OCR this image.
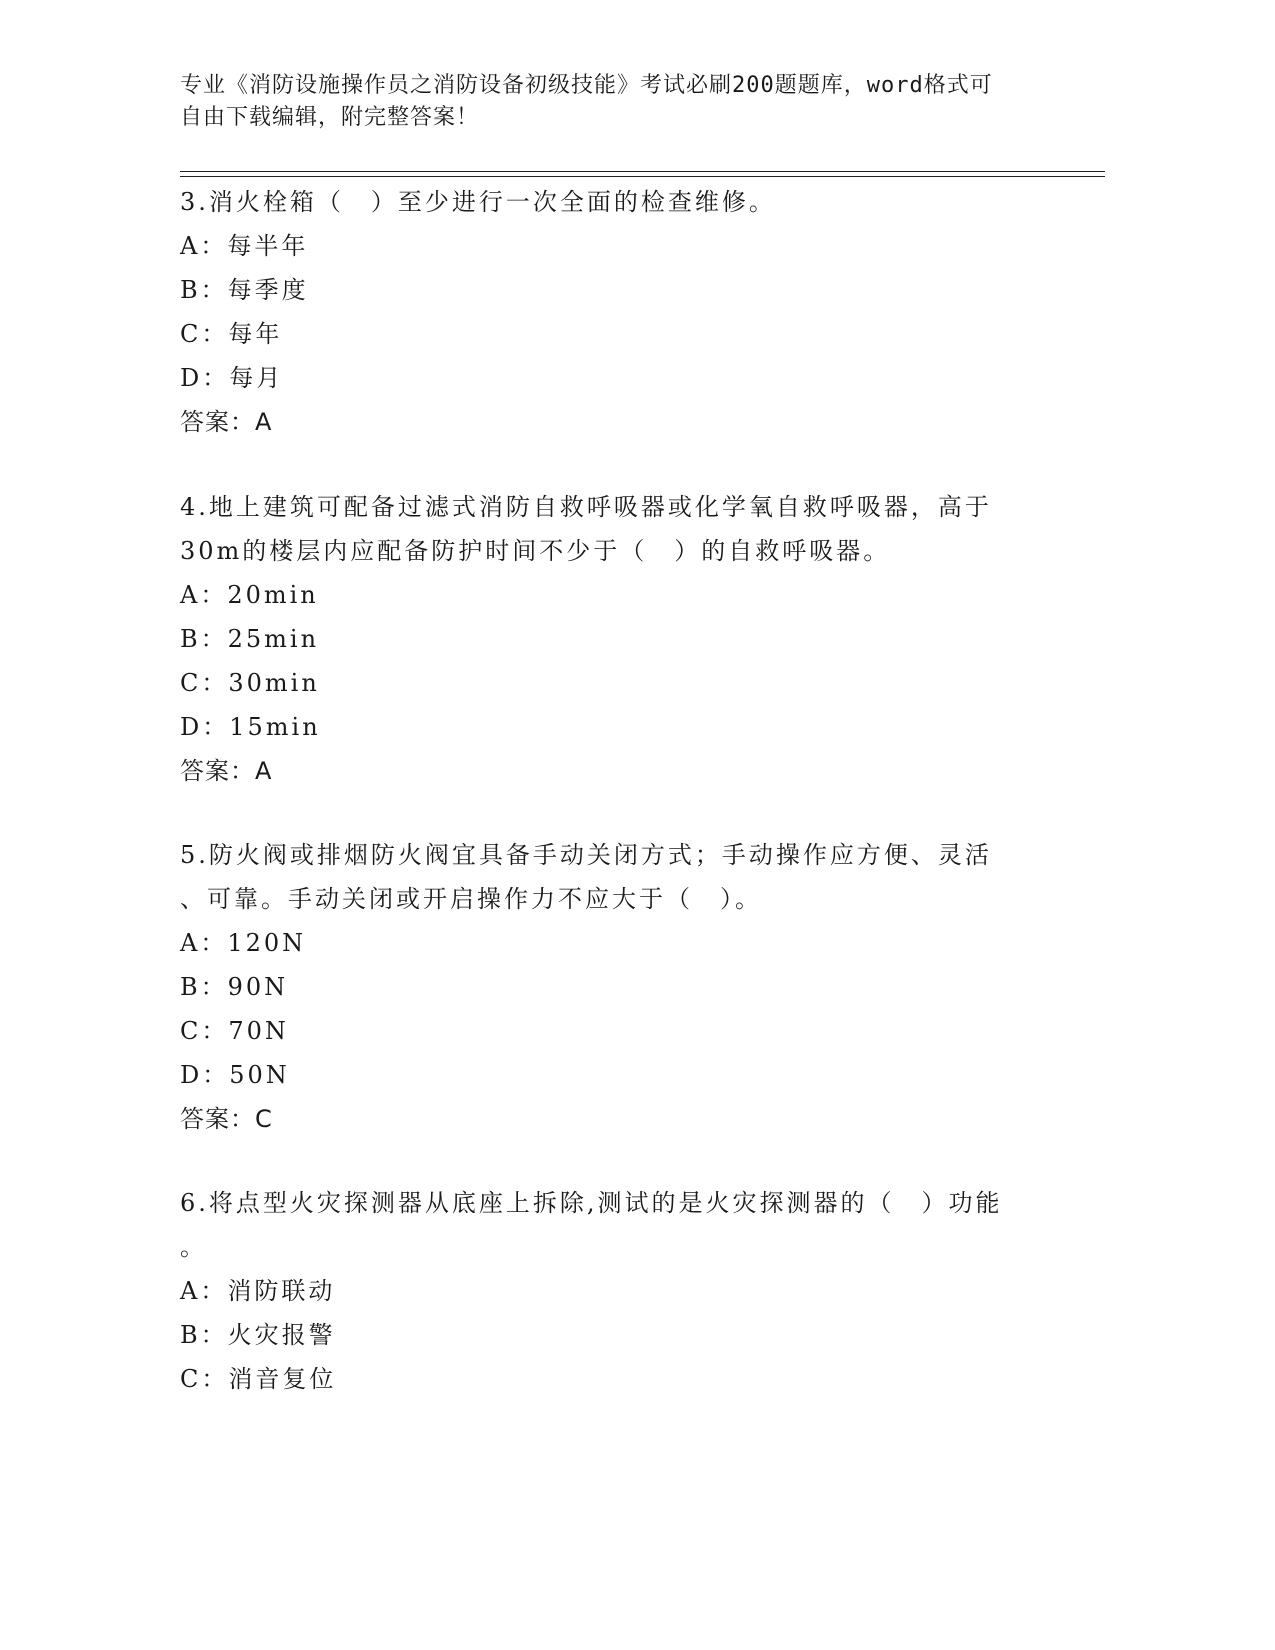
专业《消防设施操作员之消防设备初级技能》考试必刷200题题库，word格式可
自由下载编辑，附完整答案！
3.消火栓箱（　）至少进行一次全面的检查维修。
A：每半年
B：每季度
C：每年
D：每月
答案：A
4.地上建筑可配备过滤式消防自救呼吸器或化学氧自救呼吸器，高于
30m的楼层内应配备防护时间不少于（　）的自救呼吸器。
A：20min
B：25min
C：30min
D：15min
答案：A
5.防火阀或排烟防火阀宜具备手动关闭方式；手动操作应方便、灵活
、可靠。手动关闭或开启操作力不应大于（　）。
A：120N
B：90N
C：70N
D：50N
答案：C
6.将点型火灾探测器从底座上拆除,测试的是火灾探测器的（　）功能
。
A：消防联动
B：火灾报警
C：消音复位
